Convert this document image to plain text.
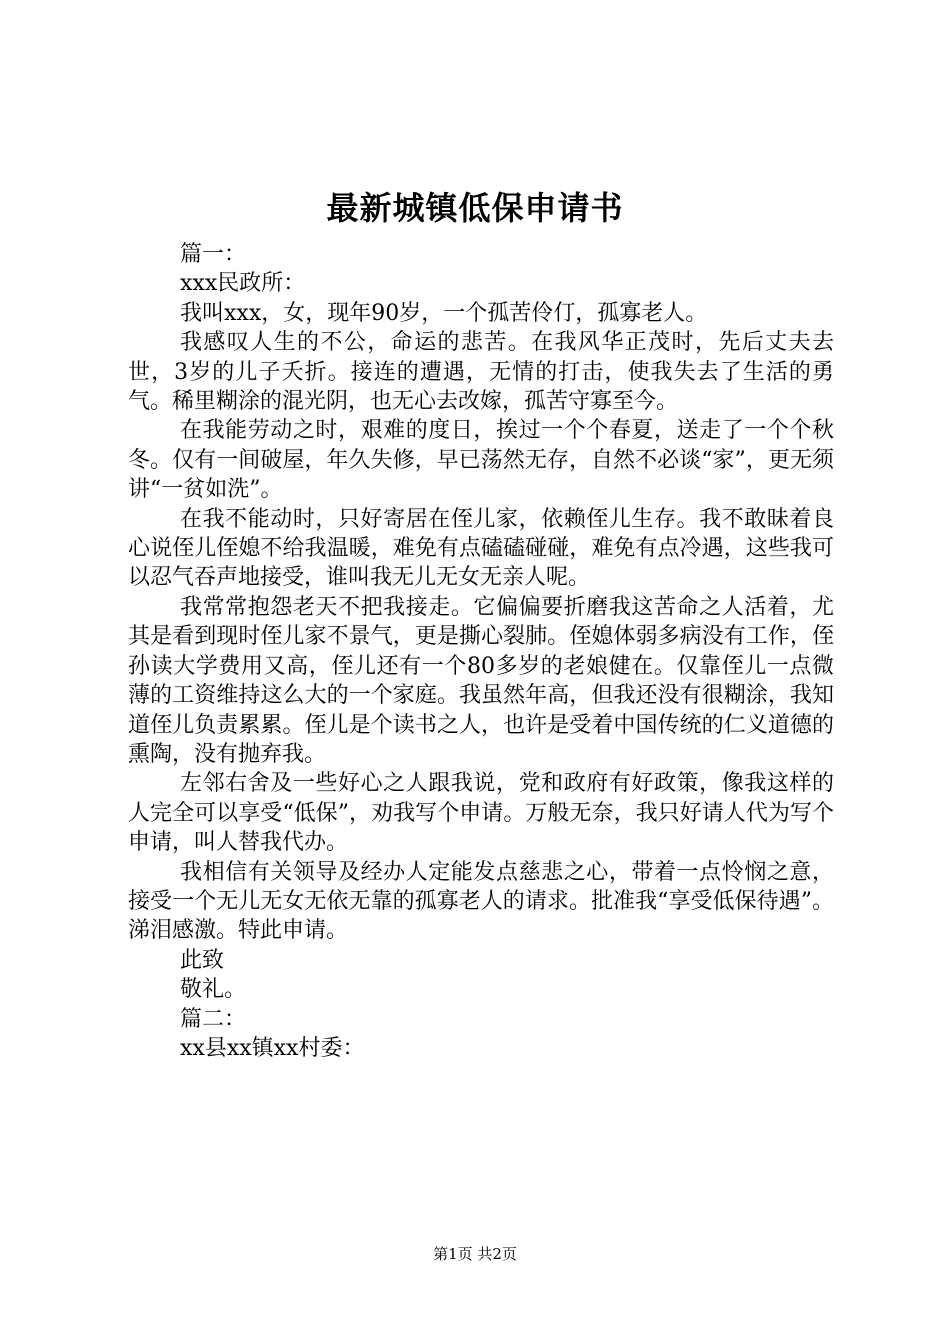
最新城镇低保申请书

篇一：

xxx民政所：

我叫xxx，女，现年90岁，一个孤苦伶仃，孤寡老人。

我感叹人生的不公，命运的悲苦。在我风华正茂时，先后丈夫去世，3岁的儿子夭折。接连的遭遇，无情的打击，使我失去了生活的勇气。稀里糊涂的混光阴，也无心去改嫁，孤苦守寡至今。

在我能劳动之时，艰难的度日，挨过一个个春夏，送走了一个个秋冬。仅有一间破屋，年久失修，早已荡然无存，自然不必谈“家”，更无须讲“一贫如洗”。

在我不能动时，只好寄居在侄儿家，依赖侄儿生存。我不敢昧着良心说侄儿侄媳不给我温暖，难免有点磕磕碰碰，难免有点冷遇，这些我可以忍气吞声地接受，谁叫我无儿无女无亲人呢。

我常常抱怨老天不把我接走。它偏偏要折磨我这苦命之人活着，尤其是看到现时侄儿家不景气，更是撕心裂肺。侄媳体弱多病没有工作，侄孙读大学费用又高，侄儿还有一个80多岁的老娘健在。仅靠侄儿一点微薄的工资维持这么大的一个家庭。我虽然年高，但我还没有很糊涂，我知道侄儿负责累累。侄儿是个读书之人，也许是受着中国传统的仁义道德的熏陶，没有抛弃我。

左邻右舍及一些好心之人跟我说，党和政府有好政策，像我这样的人完全可以享受“低保”，劝我写个申请。万般无奈，我只好请人代为写个申请，叫人替我代办。

我相信有关领导及经办人定能发点慈悲之心，带着一点怜悯之意，接受一个无儿无女无依无靠的孤寡老人的请求。批准我“享受低保待遇”。涕泪感激。特此申请。

此致

敬礼。

篇二：

xx县xx镇xx村委：

第1页 共2页
